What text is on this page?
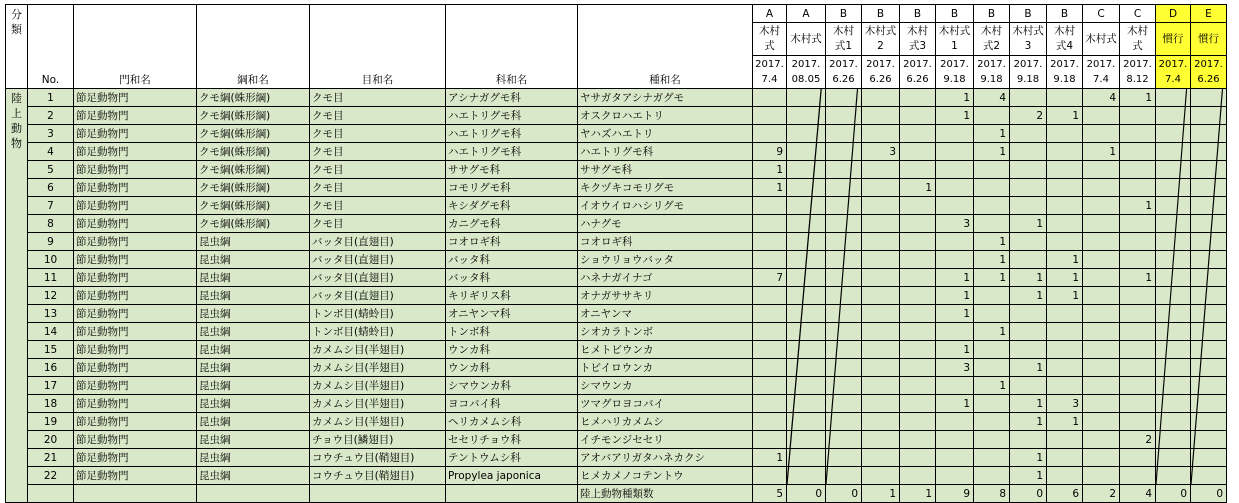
分類	No.	門和名	綱和名	目和名	科和名	種和名	A	A	B	B	B	B	B	B	B	C	C	D	E
							木村式	木村式	木村式1	木村式2	木村式3	木村式1	木村式2	木村式3	木村式4	木村式	木村式	慣行	慣行
							2017.7.4	2017.08.05	2017.6.26	2017.6.26	2017.6.26	2017.9.18	2017.9.18	2017.9.18	2017.9.18	2017.7.4	2017.8.12	2017.7.4	2017.6.26
陸上動物	1	節足動物門	クモ綱(蛛形綱)	クモ目	アシナガグモ科	ヤサガタアシナガグモ						1	4			4	1	

	2	節足動物門	クモ綱(蛛形綱)	クモ目	ハエトリグモ科	オスクロハエトリ						1		2	1			

	3	節足動物門	クモ綱(蛛形綱)	クモ目	ハエトリグモ科	ヤハズハエトリ							1					

	4	節足動物門	クモ綱(蛛形綱)	クモ目	ハエトリグモ科	ハエトリグモ科	9			3			1			1		

	5	節足動物門	クモ綱(蛛形綱)	クモ目	ササグモ科	ササグモ科	1	

	6	節足動物門	クモ綱(蛛形綱)	クモ目	コモリグモ科	キクヅキコモリグモ	1				1							

	7	節足動物門	クモ綱(蛛形綱)	クモ目	キシダグモ科	イオウイロハシリグモ											1	

	8	節足動物門	クモ綱(蛛形綱)	クモ目	カニグモ科	ハナグモ						3		1				

	9	節足動物門	昆虫綱	バッタ目(直翅目)	コオロギ科	コオロギ科							1					

	10	節足動物門	昆虫綱	バッタ目(直翅目)	バッタ科	ショウリョウバッタ							1		1			

	11	節足動物門	昆虫綱	バッタ目(直翅目)	バッタ科	ハネナガイナゴ	7					1	1	1	1		1	

	12	節足動物門	昆虫綱	バッタ目(直翅目)	キリギリス科	オナガササキリ						1		1	1			

	13	節足動物門	昆虫綱	トンボ目(蜻蛉目)	オニヤンマ科	オニヤンマ						1						

	14	節足動物門	昆虫綱	トンボ目(蜻蛉目)	トンボ科	シオカラトンボ							1					

	15	節足動物門	昆虫綱	カメムシ目(半翅目)	ウンカ科	ヒメトビウンカ						1						

	16	節足動物門	昆虫綱	カメムシ目(半翅目)	ウンカ科	トビイロウンカ						3		1				

	17	節足動物門	昆虫綱	カメムシ目(半翅目)	シマウンカ科	シマウンカ							1					

	18	節足動物門	昆虫綱	カメムシ目(半翅目)	ヨコバイ科	ツマグロヨコバイ						1		1	3			

	19	節足動物門	昆虫綱	カメムシ目(半翅目)	ヘリカメムシ科	ヒメハリカメムシ								1	1			

	20	節足動物門	昆虫綱	チョウ目(鱗翅目)	セセリチョウ科	イチモンジセセリ											2	

	21	節足動物門	昆虫綱	コウチュウ目(鞘翅目)	テントウムシ科	アオバアリガタハネカクシ	1							1				

	22	節足動物門	昆虫綱	コウチュウ目(鞘翅目)	Propylea japonica	ヒメカメノコテントウ								1				

						陸上動物種類数	5	0	0	1	1	9	8	0	6	2	4	0	0
